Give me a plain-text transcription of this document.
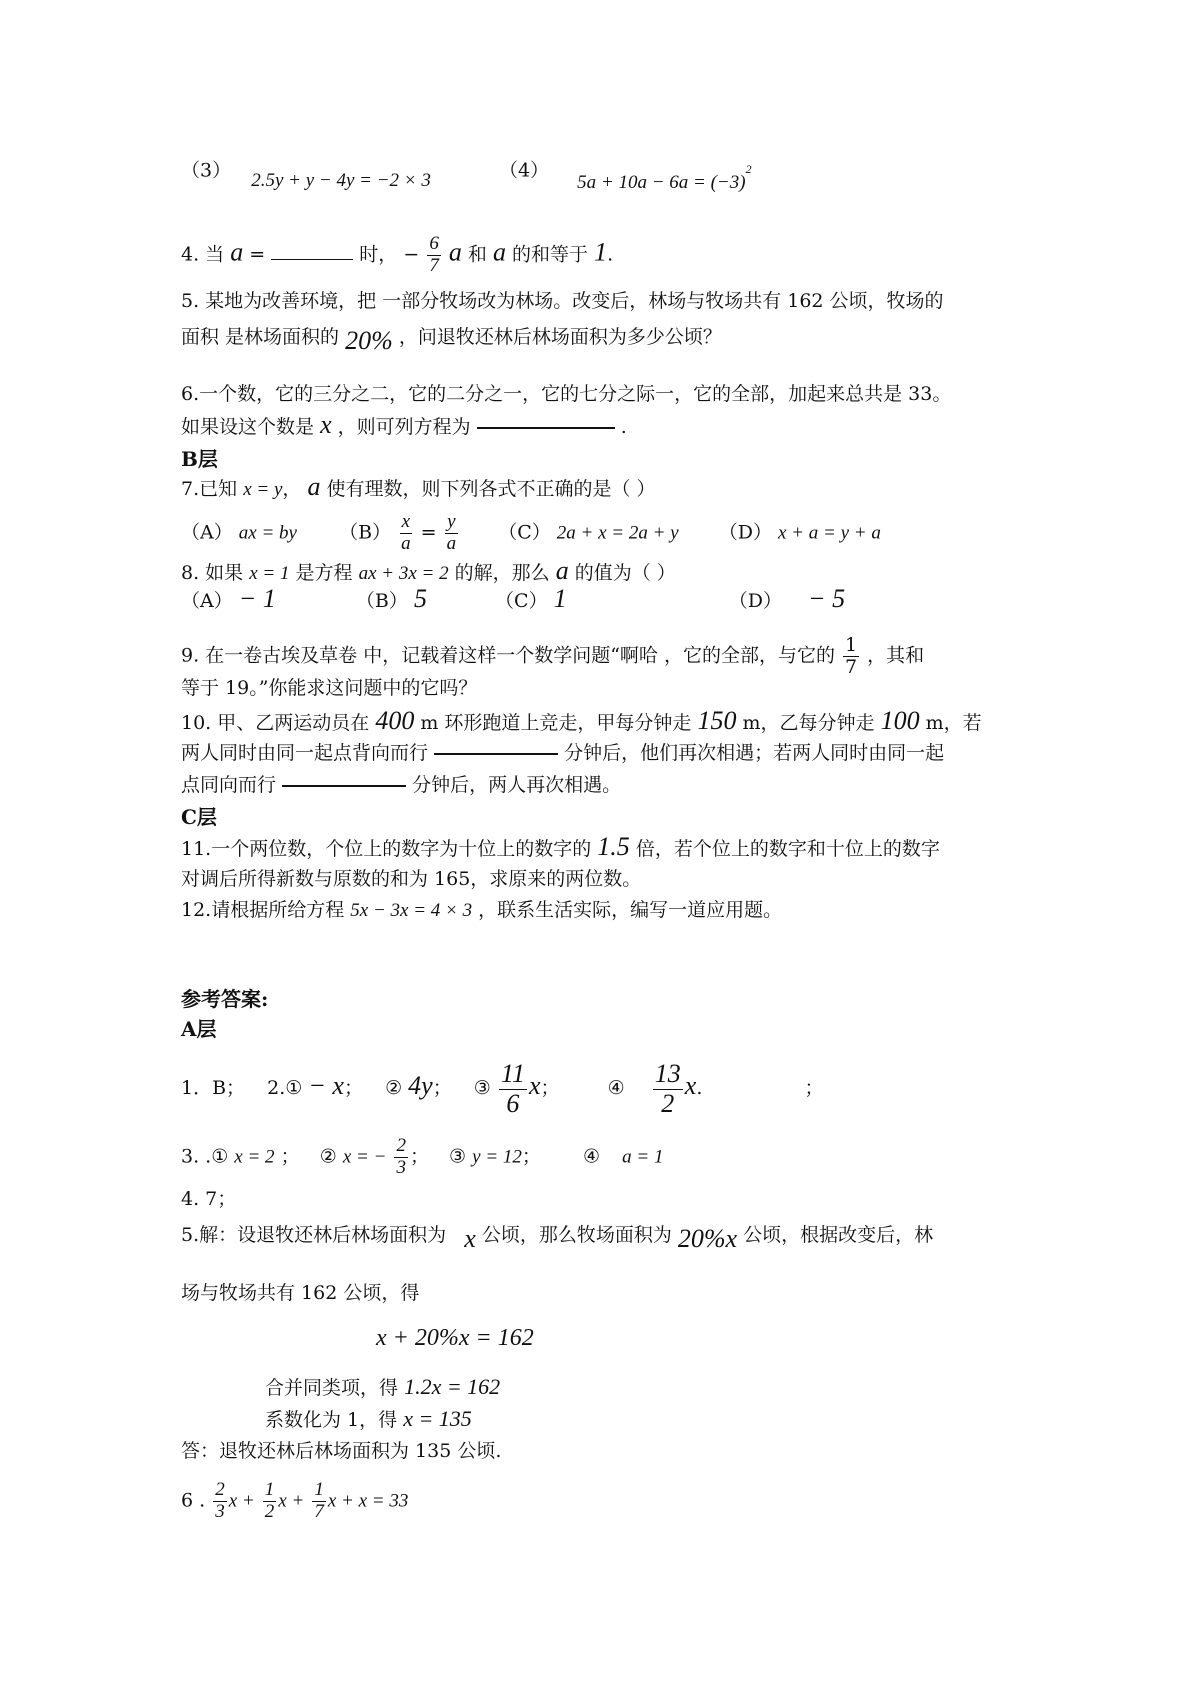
（3） 2.5y + y − 4y = −2 × 3	（4）  $5a + 10a - 6a = (-3)^2$
4. 当 a =	时， − $\frac{6}{7}$ a 和 a 的和等于 1.
5. 某地为改善环境，把 一部分牧场改为林场。改变后，林场与牧场共有 162 公顷，牧场的
面积 是林场面积的 20% ，问退牧还林后林场面积为多少公顷？
6.一个数，它的三分之二，它的二分之一，它的七分之际一，它的全部，加起来总共是 33。
如果设这个数是 x ，则可列方程为	.
B层
7.已知 x = y， a 使有理数，则下列各式不正确的是（ ）
（A） ax = by $(B) \frac{x}{a} = \frac{y}{a} (C) 2a + x = 2a + y$ （D） x + a = y + a
8. 如果 x = 1 是方程 ax + 3x = 2 的解，那么 a 的值为（ ）
（A） − 1	（B） 5	（C） 1	（D） − 5
9. 在一卷古埃及草卷 中，记载着这样一个数学问题“啊哈 ，它的全部，与它的 $\frac{1}{7}$ ，其和
等于 19。”你能求这问题中的它吗？
10. 甲、乙两运动员在 400 m 环形跑道上竞走，甲每分钟走 150 m，乙每分钟走 100 m，若
两人同时由同一起点背向而行	分钟后，他们再次相遇；若两人同时由同一起
点同向而行	分钟后，两人再次相遇。
C层
11.一个两位数，个位上的数字为十位上的数字的 1.5 倍，若个位上的数字和十位上的数字
对调后所得新数与原数的和为 165，求原来的两位数。
12.请根据所给方程 5x − 3x = 4 × 3 ，联系生活实际，编写一道应用题。
参考答案:
A层
1．B； 2.① − x； ② 4y； ③ $\frac{11}{6}$ x；	④ $\frac{13}{2} x$.	；
3. .① x = 2 ； ② x = − $\frac{2}{3}$ ； ③ y = 12； ④ a = 1
4. 7；
5.解：设退牧还林后林场面积为 x 公顷，那么牧场面积为 20%x 公顷，根据改变后，林
场与牧场共有 162 公顷，得
x + 20%x = 162
合并同类项，得 1.2x = 162
系数化为 1，得 x = 135
答：退牧还林后林场面积为 135 公顷.
6 . $\frac{2}{3}$ $x + \frac{1}{2}$ $x + \frac{1}{7}$ x + x = 33
